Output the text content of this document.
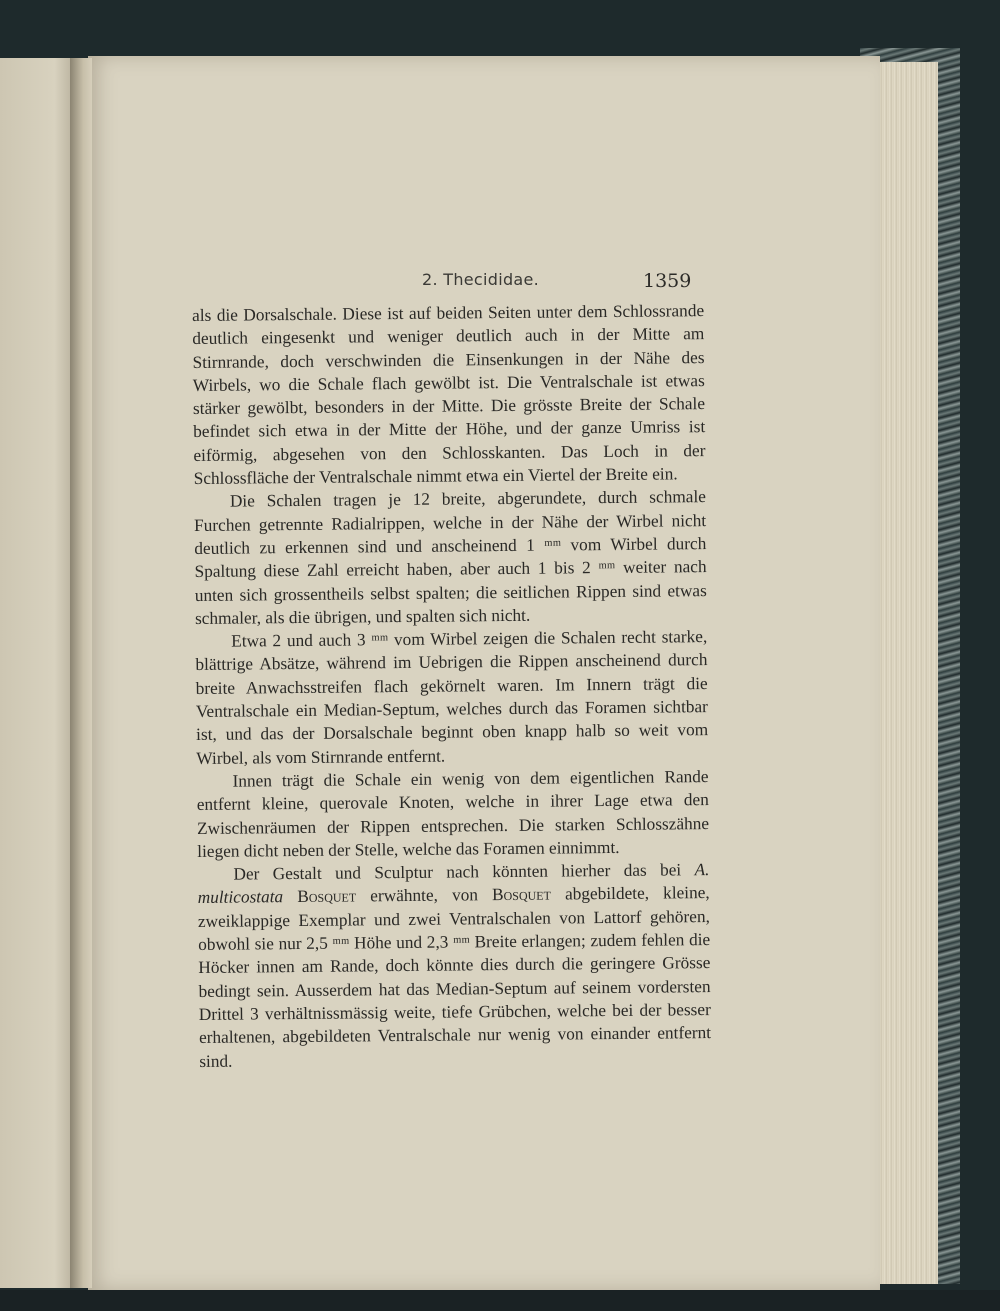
2. Thecididae.	1359

als die Dorsalschale. Diese ist auf beiden Seiten unter dem Schlossrande deutlich eingesenkt und weniger deutlich auch in der Mitte am Stirnrande, doch verschwinden die Einsenkungen in der Nähe des Wirbels, wo die Schale flach gewölbt ist. Die Ventralschale ist etwas stärker gewölbt, besonders in der Mitte. Die grösste Breite der Schale befindet sich etwa in der Mitte der Höhe, und der ganze Umriss ist eiförmig, abgesehen von den Schlosskanten. Das Loch in der Schlossfläche der Ventralschale nimmt etwa ein Viertel der Breite ein.

Die Schalen tragen je 12 breite, abgerundete, durch schmale Furchen getrennte Radialrippen, welche in der Nähe der Wirbel nicht deutlich zu erkennen sind und anscheinend 1 ᵐᵐ vom Wirbel durch Spaltung diese Zahl erreicht haben, aber auch 1 bis 2 ᵐᵐ weiter nach unten sich grossentheils selbst spalten; die seitlichen Rippen sind etwas schmaler, als die übrigen, und spalten sich nicht.

Etwa 2 und auch 3 ᵐᵐ vom Wirbel zeigen die Schalen recht starke, blättrige Absätze, während im Uebrigen die Rippen anscheinend durch breite Anwachsstreifen flach gekörnelt waren. Im Innern trägt die Ventralschale ein Median-Septum, welches durch das Foramen sichtbar ist, und das der Dorsalschale beginnt oben knapp halb so weit vom Wirbel, als vom Stirnrande entfernt.

Innen trägt die Schale ein wenig von dem eigentlichen Rande entfernt kleine, querovale Knoten, welche in ihrer Lage etwa den Zwischenräumen der Rippen entsprechen. Die starken Schlosszähne liegen dicht neben der Stelle, welche das Foramen einnimmt.

Der Gestalt und Sculptur nach könnten hierher das bei A. multicostata Bosquet erwähnte, von Bosquet abgebildete, kleine, zweiklappige Exemplar und zwei Ventralschalen von Lattorf gehören, obwohl sie nur 2,5 ᵐᵐ Höhe und 2,3 ᵐᵐ Breite erlangen; zudem fehlen die Höcker innen am Rande, doch könnte dies durch die geringere Grösse bedingt sein. Ausserdem hat das Median-Septum auf seinem vordersten Drittel 3 verhältnissmässig weite, tiefe Grübchen, welche bei der besser erhaltenen, abgebildeten Ventralschale nur wenig von einander entfernt sind.
